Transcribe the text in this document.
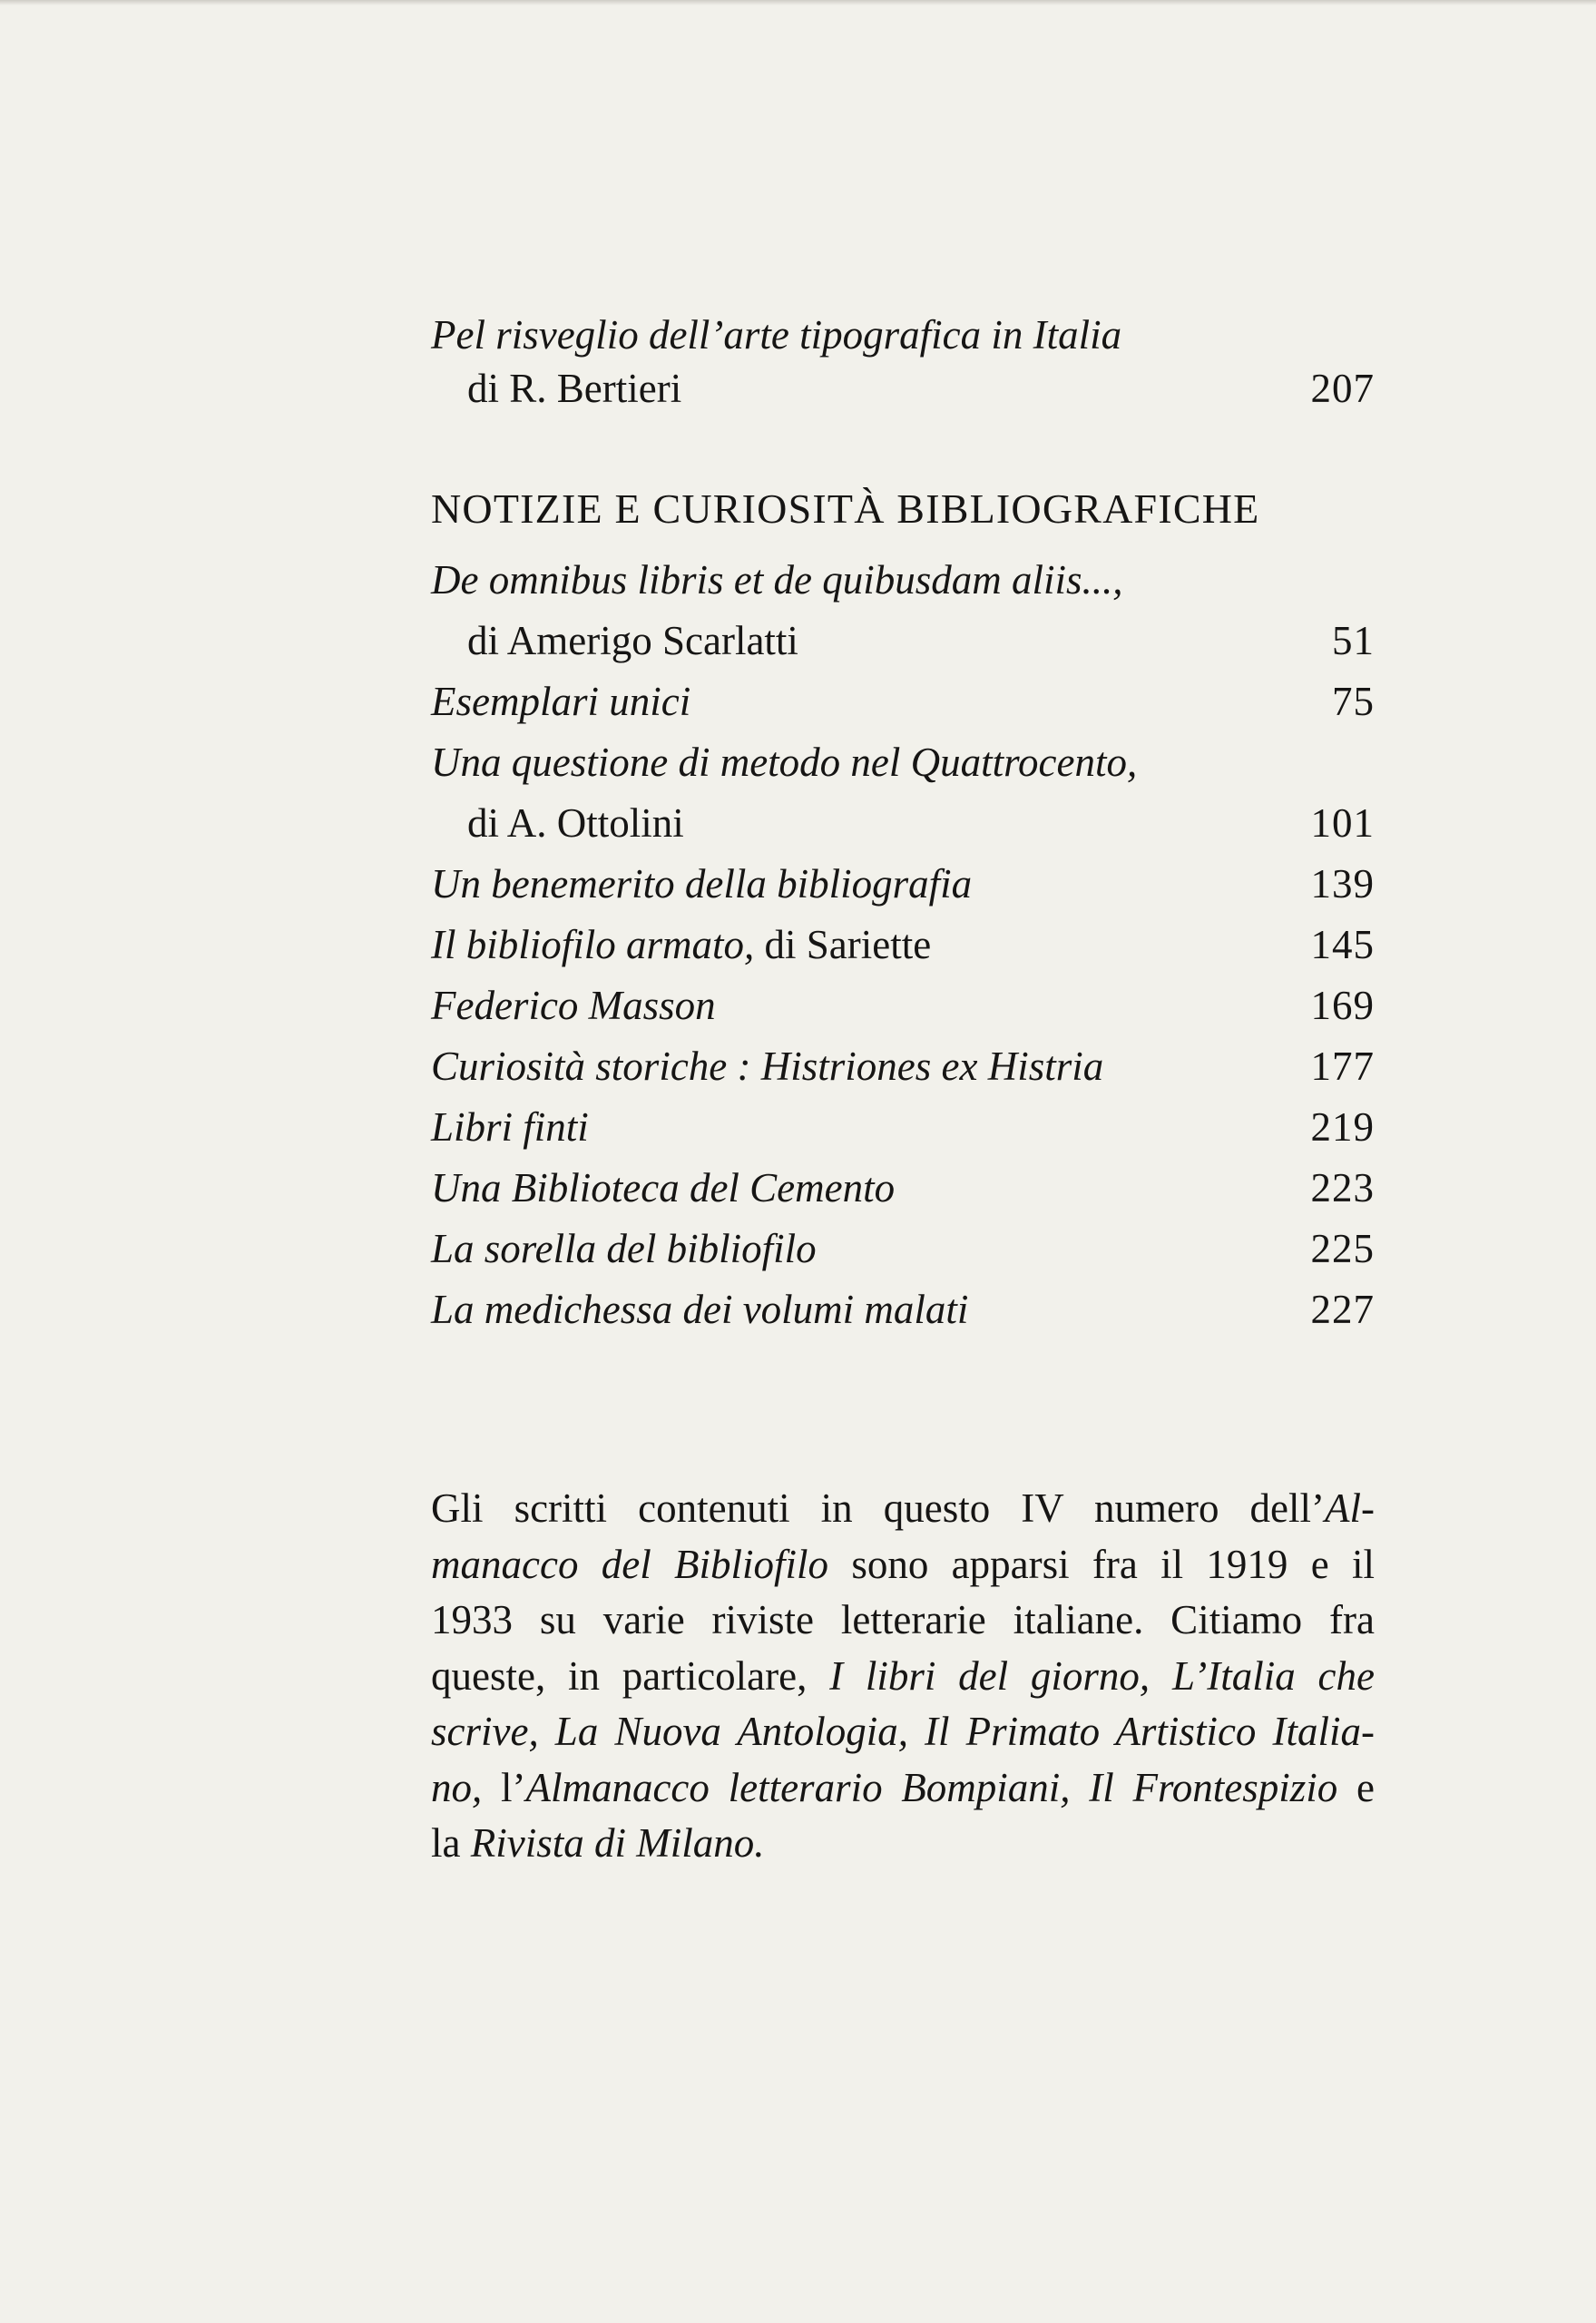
Pel risveglio dell’arte tipografica in Italia
di R. Bertieri	207
NOTIZIE E CURIOSITÀ BIBLIOGRAFICHE
De omnibus libris et de quibusdam aliis...,
di Amerigo Scarlatti	51
Esemplari unici	75
Una questione di metodo nel Quattrocento,
di A. Ottolini	101
Un benemerito della bibliografia	139
Il bibliofilo armato, di Sariette	145
Federico Masson	169
Curiosità storiche : Histriones ex Histria	177
Libri finti	219
Una Biblioteca del Cemento	223
La sorella del bibliofilo	225
La medichessa dei volumi malati	227
Gli scritti contenuti in questo IV numero dell’Al-
manacco del Bibliofilo sono apparsi fra il 1919 e il
1933 su varie riviste letterarie italiane. Citiamo fra
queste, in particolare, I libri del giorno, L’Italia che
scrive, La Nuova Antologia, Il Primato Artistico Italia-
no, l’Almanacco letterario Bompiani, Il Frontespizio e
la Rivista di Milano.
